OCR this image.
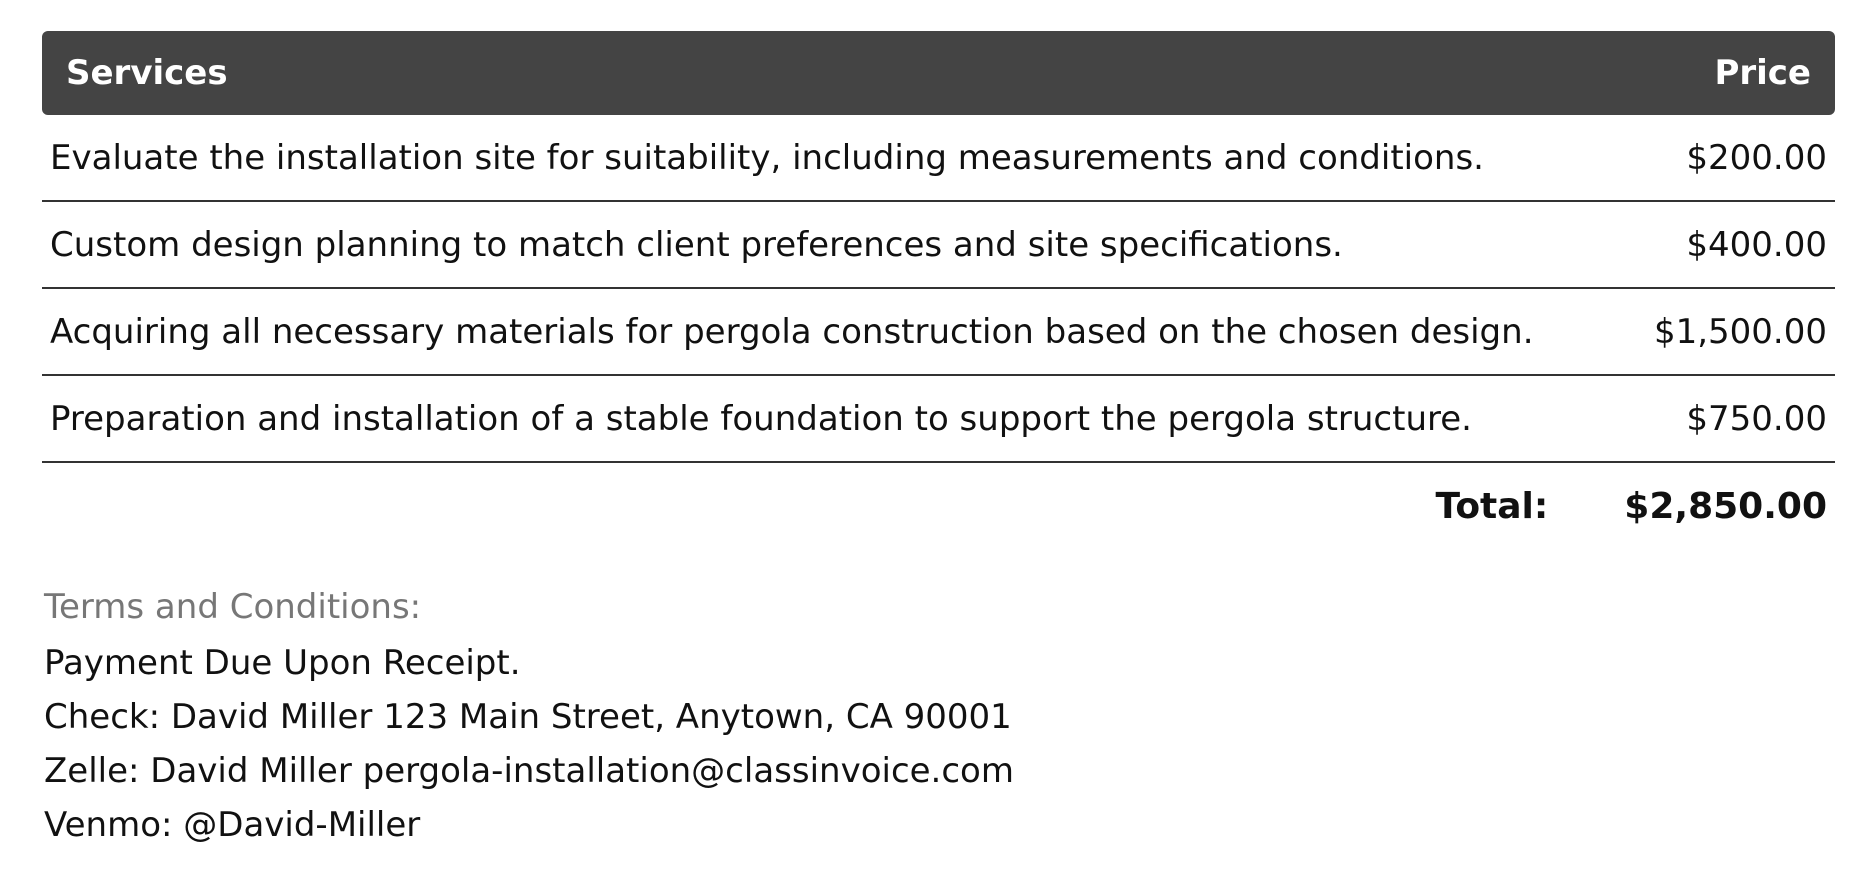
Services	Price
Evaluate the installation site for suitability, including measurements and conditions.	$200.00
Custom design planning to match client preferences and site specifications.	$400.00
Acquiring all necessary materials for pergola construction based on the chosen design.	$1,500.00
Preparation and installation of a stable foundation to support the pergola structure.	$750.00
Total: $2,850.00
Terms and Conditions:
Payment Due Upon Receipt.
Check: David Miller 123 Main Street, Anytown, CA 90001
Zelle: David Miller pergola-installation@classinvoice.com
Venmo: @David-Miller
